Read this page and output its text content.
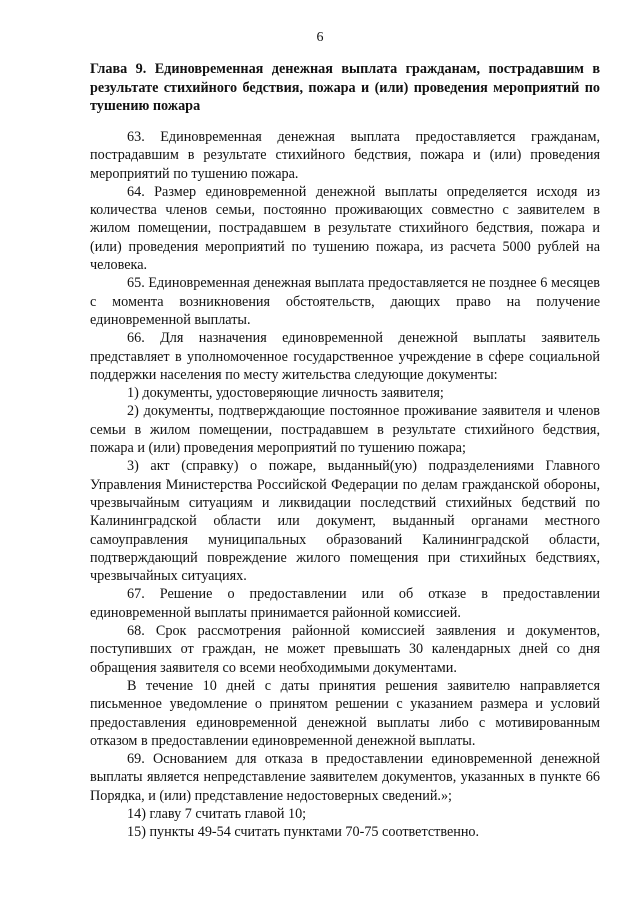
6
Глава 9. Единовременная денежная выплата гражданам, пострадавшим в результате стихийного бедствия, пожара и (или) проведения мероприятий по тушению пожара

63. Единовременная денежная выплата предоставляется гражданам, пострадавшим в результате стихийного бедствия, пожара и (или) проведения мероприятий по тушению пожара.

64. Размер единовременной денежной выплаты определяется исходя из количества членов семьи, постоянно проживающих совместно с заявителем в жилом помещении, пострадавшем в результате стихийного бедствия, пожара и (или) проведения мероприятий по тушению пожара, из расчета 5000 рублей на человека.

65. Единовременная денежная выплата предоставляется не позднее 6 месяцев с момента возникновения обстоятельств, дающих право на получение единовременной выплаты.

66. Для назначения единовременной денежной выплаты заявитель представляет в уполномоченное государственное учреждение в сфере социальной поддержки населения по месту жительства следующие документы:

1) документы, удостоверяющие личность заявителя;

2) документы, подтверждающие постоянное проживание заявителя и членов семьи в жилом помещении, пострадавшем в результате стихийного бедствия, пожара и (или) проведения мероприятий по тушению пожара;

3) акт (справку) о пожаре, выданный(ую) подразделениями Главного Управления Министерства Российской Федерации по делам гражданской обороны, чрезвычайным ситуациям и ликвидации последствий стихийных бедствий по Калининградской области или документ, выданный органами местного самоуправления муниципальных образований Калининградской области, подтверждающий повреждение жилого помещения при стихийных бедствиях, чрезвычайных ситуациях.

67. Решение о предоставлении или об отказе в предоставлении единовременной выплаты принимается районной комиссией.

68. Срок рассмотрения районной комиссией заявления и документов, поступивших от граждан, не может превышать 30 календарных дней со дня обращения заявителя со всеми необходимыми документами.

В течение 10 дней с даты принятия решения заявителю направляется письменное уведомление о принятом решении с указанием размера и условий предоставления единовременной денежной выплаты либо с мотивированным отказом в предоставлении единовременной денежной выплаты.

69. Основанием для отказа в предоставлении единовременной денежной выплаты является непредставление заявителем документов, указанных в пункте 66 Порядка, и (или) представление недостоверных сведений.»;

14) главу 7 считать главой 10;

15) пункты 49-54 считать пунктами 70-75 соответственно.
